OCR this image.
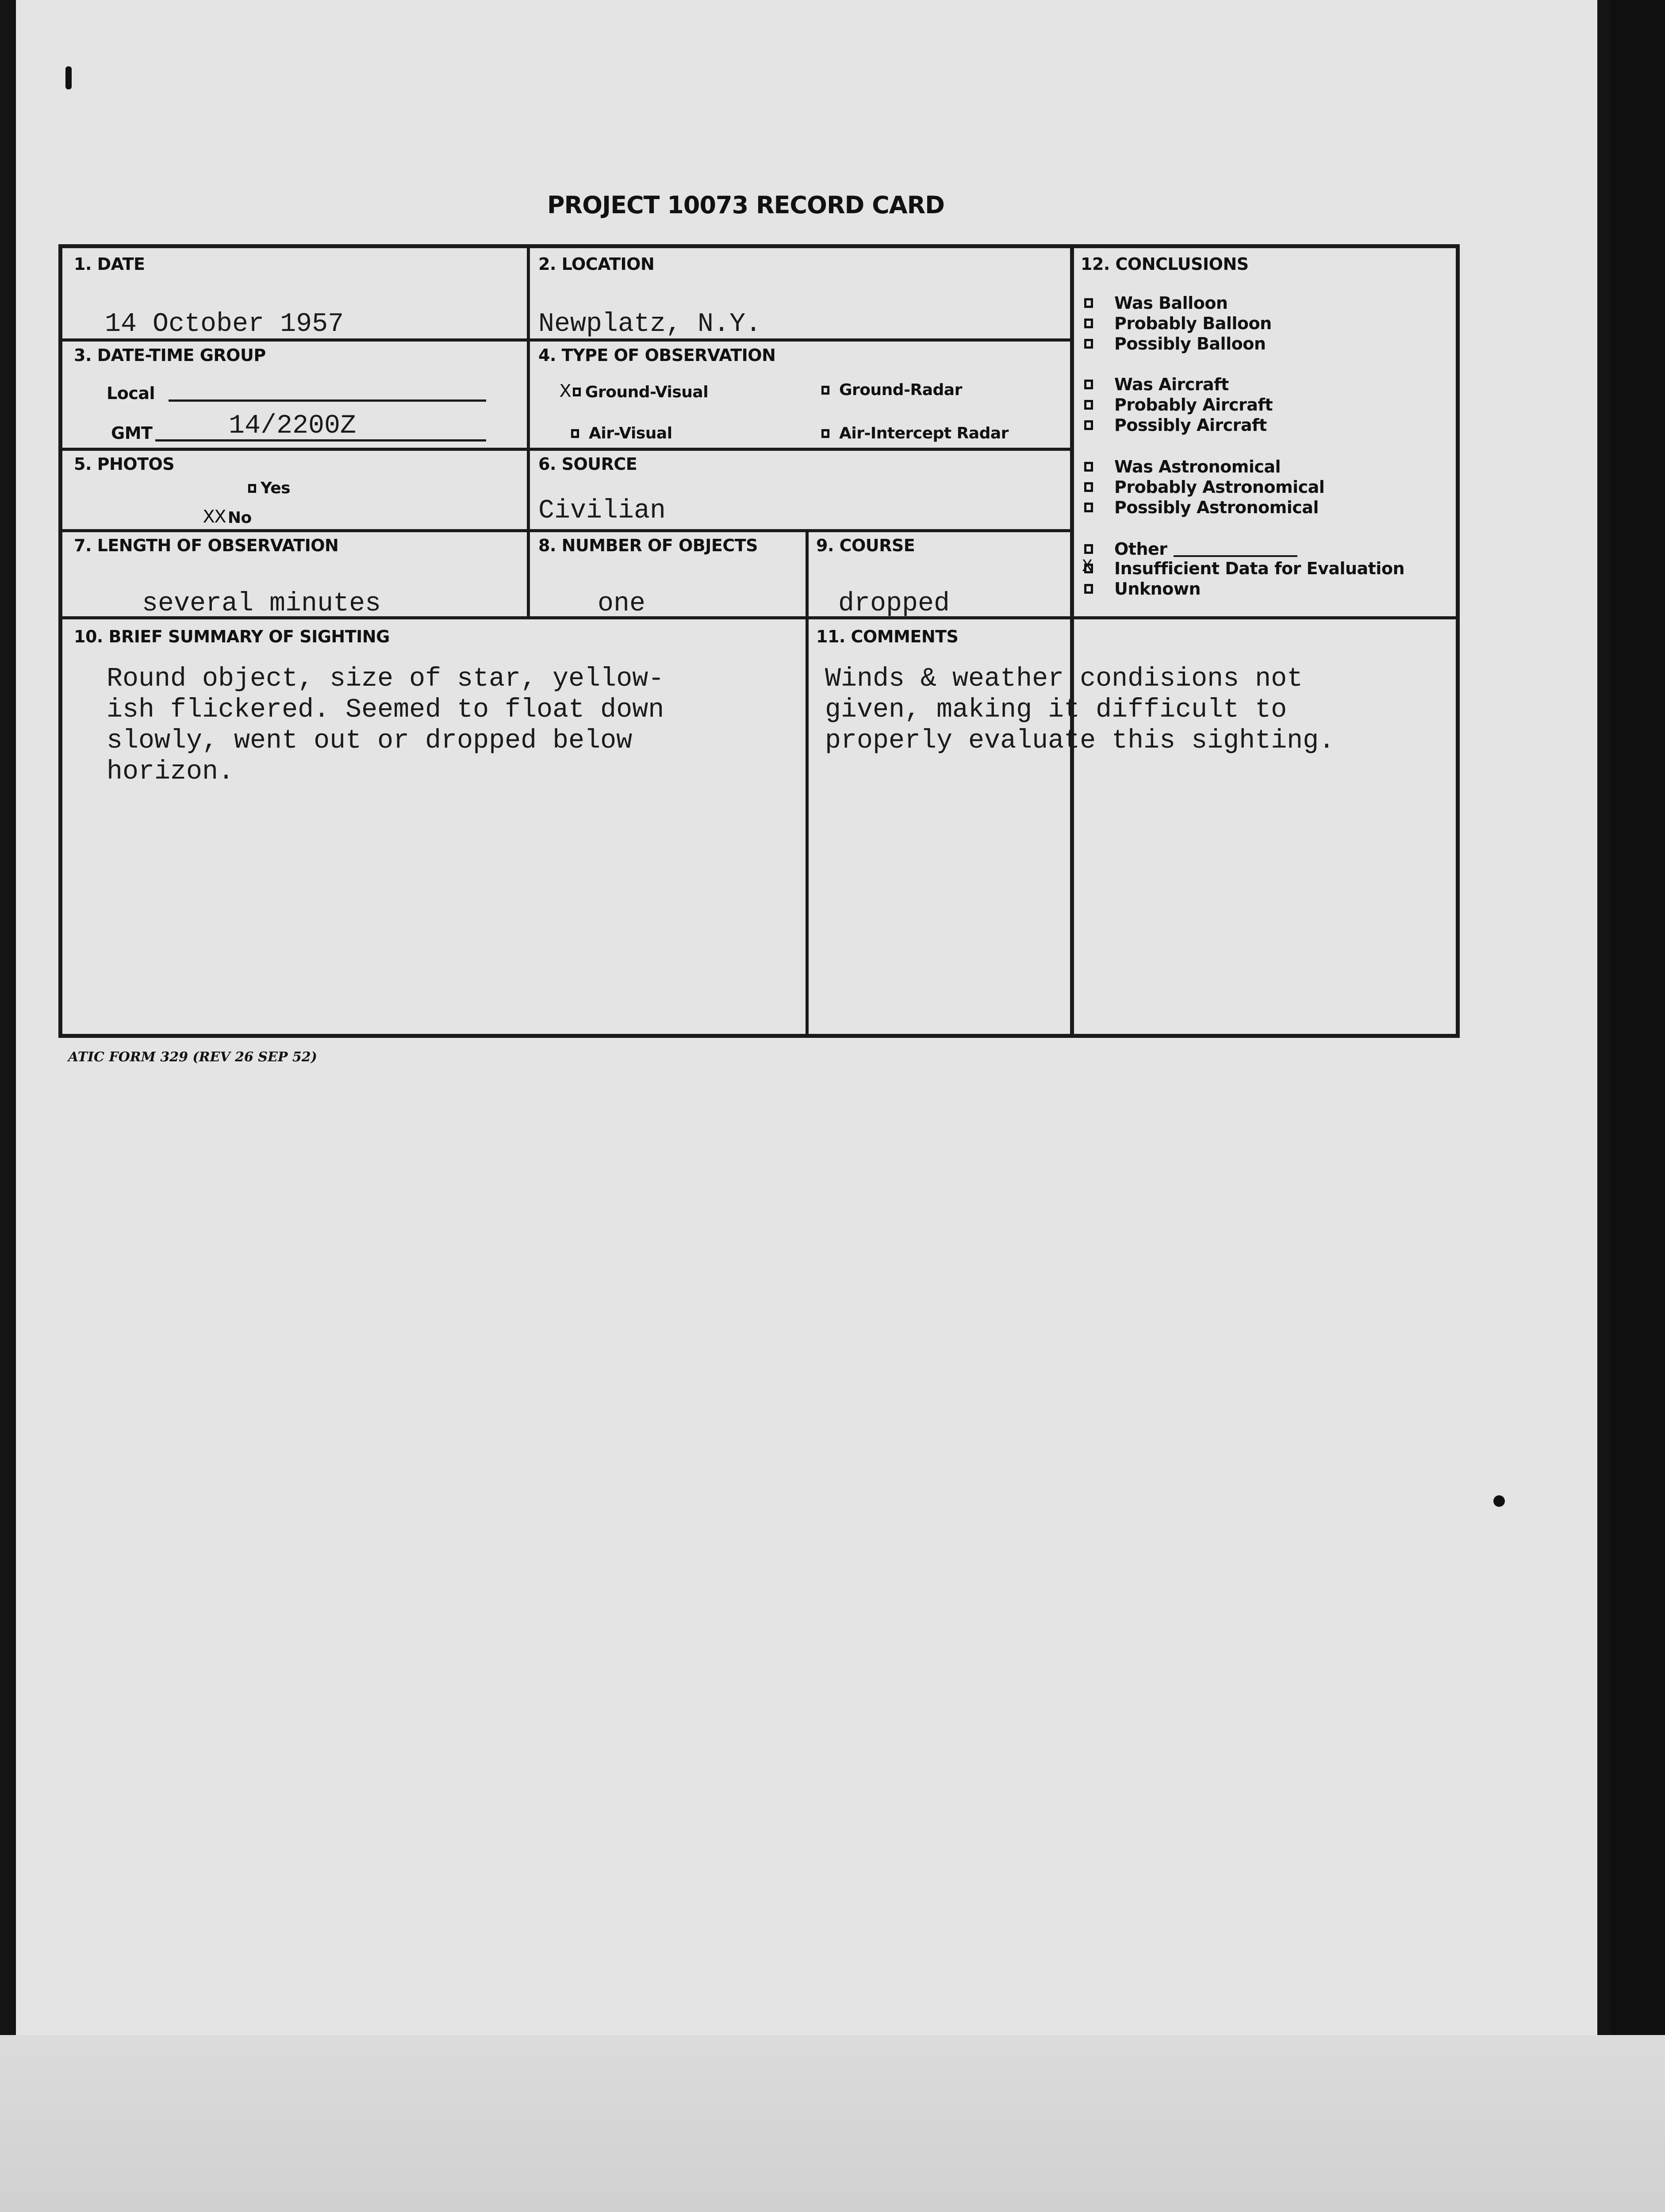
PROJECT 10073 RECORD CARD
1. DATE
14 October 1957
2. LOCATION
Newplatz, N.Y.
3. DATE-TIME GROUP
Local
GMT	14/2200Z
4. TYPE OF OBSERVATION
X Ground-Visual	Ground-Radar
Air-Visual	Air-Intercept Radar
5. PHOTOS
Yes
XX No
6. SOURCE
Civilian
7. LENGTH OF OBSERVATION
several minutes
8. NUMBER OF OBJECTS
one
9. COURSE
dropped
10. BRIEF SUMMARY OF SIGHTING
Round object, size of star, yellow-
ish flickered. Seemed to float down
slowly, went out or dropped below
horizon.
11. COMMENTS
Winds & weather condisions not
given, making it difficult to
properly evaluate this sighting.
12. CONCLUSIONS
Was Balloon
Probably Balloon
Possibly Balloon
Was Aircraft
Probably Aircraft
Possibly Aircraft
Was Astronomical
Probably Astronomical
Possibly Astronomical
Other
X Insufficient Data for Evaluation
Unknown
ATIC FORM 329 (REV 26 SEP 52)
